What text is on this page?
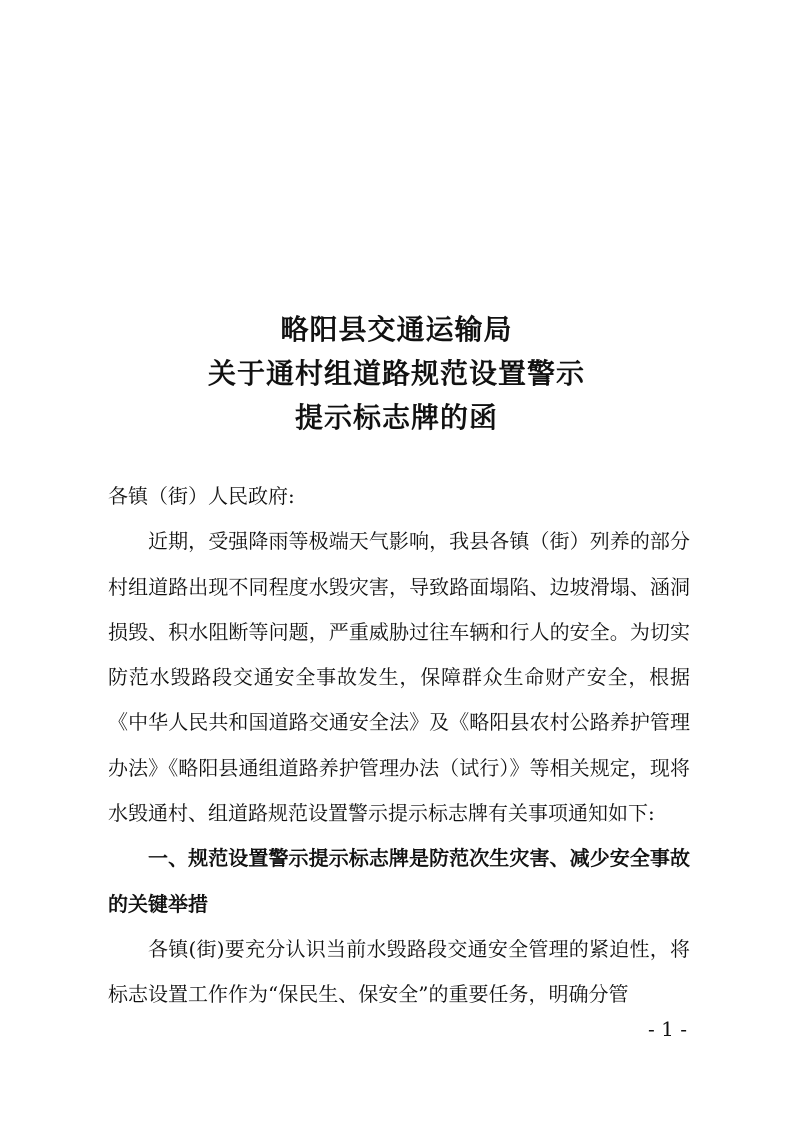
略阳县交通运输局
关于通村组道路规范设置警示
提示标志牌的函

各镇（街）人民政府:

近期，受强降雨等极端天气影响，我县各镇（街）列养的部分村组道路出现不同程度水毁灾害，导致路面塌陷、边坡滑塌、涵洞损毁、积水阻断等问题，严重威胁过往车辆和行人的安全。为切实防范水毁路段交通安全事故发生，保障群众生命财产安全，根据《中华人民共和国道路交通安全法》及《略阳县农村公路养护管理办法》《略阳县通组道路养护管理办法（试行）》等相关规定，现将水毁通村、组道路规范设置警示提示标志牌有关事项通知如下:

一、规范设置警示提示标志牌是防范次生灾害、减少安全事故的关键举措

各镇(街)要充分认识当前水毁路段交通安全管理的紧迫性，将标志设置工作作为“保民生、保安全”的重要任务，明确分管

- 1 -
